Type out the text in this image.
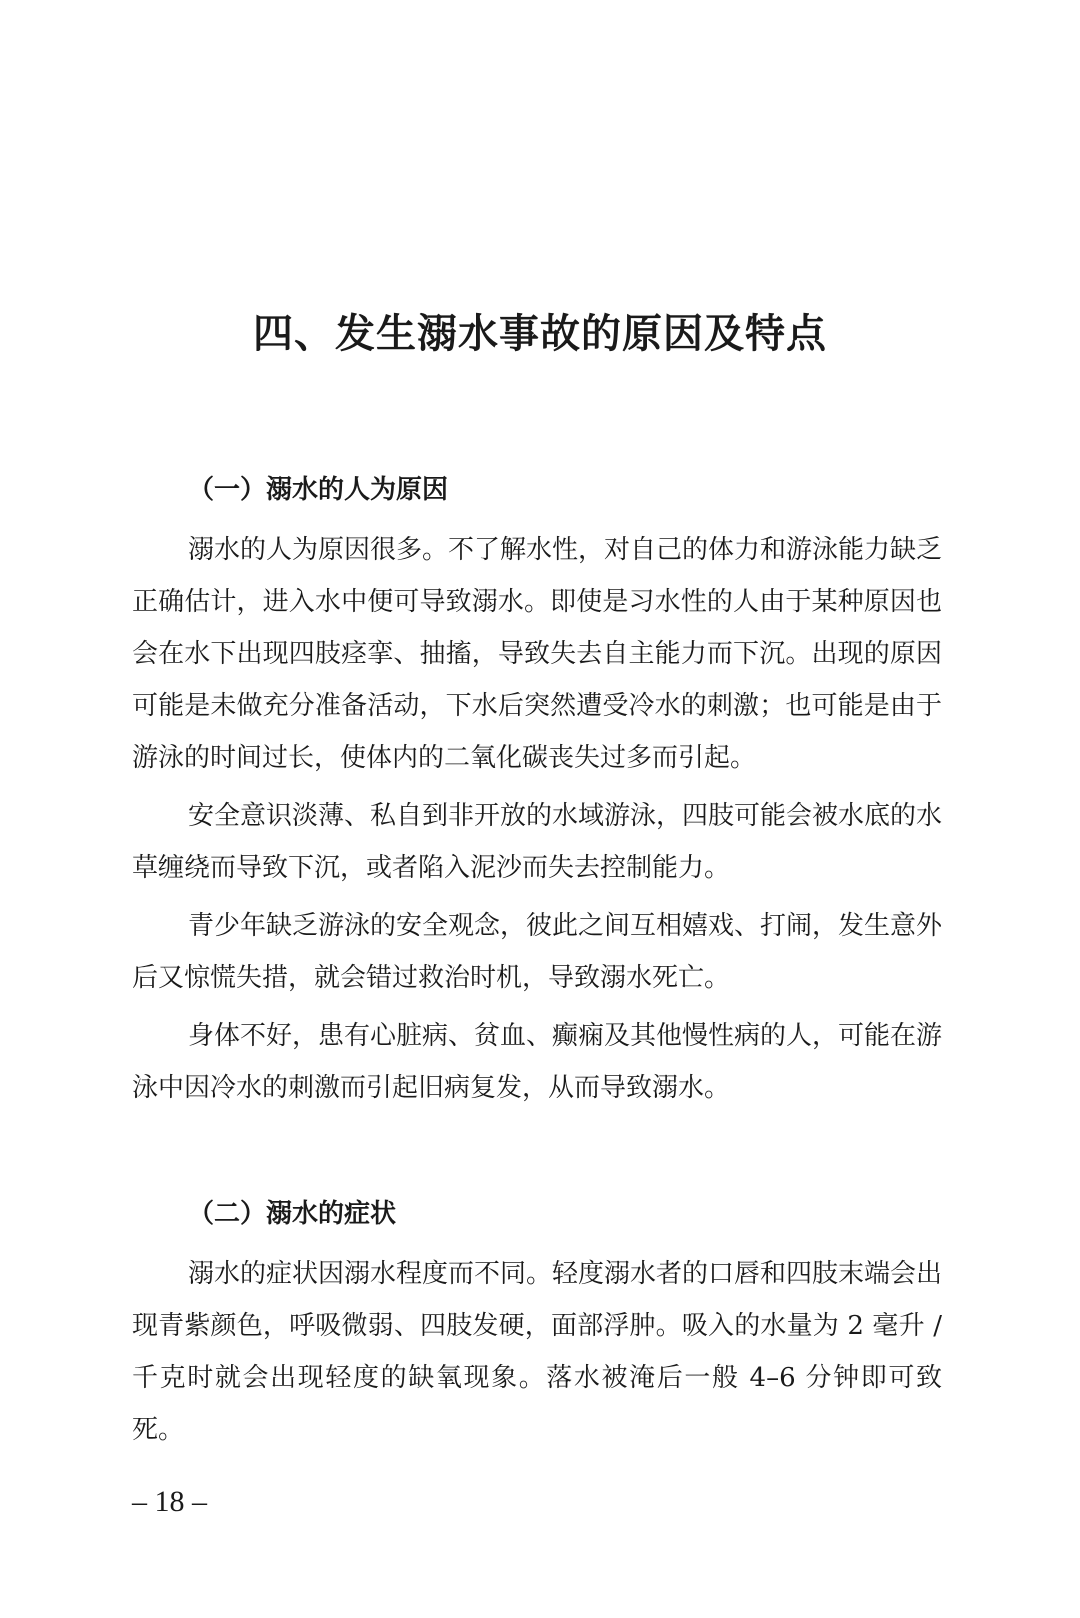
四、发生溺水事故的原因及特点
（一）溺水的人为原因

溺水的人为原因很多。不了解水性，对自己的体力和游泳能力缺乏正确估计，进入水中便可导致溺水。即使是习水性的人由于某种原因也会在水下出现四肢痉挛、抽搐，导致失去自主能力而下沉。出现的原因可能是未做充分准备活动，下水后突然遭受冷水的刺激；也可能是由于游泳的时间过长，使体内的二氧化碳丧失过多而引起。

安全意识淡薄、私自到非开放的水域游泳，四肢可能会被水底的水草缠绕而导致下沉，或者陷入泥沙而失去控制能力。

青少年缺乏游泳的安全观念，彼此之间互相嬉戏、打闹，发生意外后又惊慌失措，就会错过救治时机，导致溺水死亡。

身体不好，患有心脏病、贫血、癫痫及其他慢性病的人，可能在游泳中因冷水的刺激而引起旧病复发，从而导致溺水。

（二）溺水的症状

溺水的症状因溺水程度而不同。轻度溺水者的口唇和四肢末端会出现青紫颜色，呼吸微弱、四肢发硬，面部浮肿。吸入的水量为 2 毫升 / 千克时就会出现轻度的缺氧现象。落水被淹后一般 4–6 分钟即可致死。

– 18 –
